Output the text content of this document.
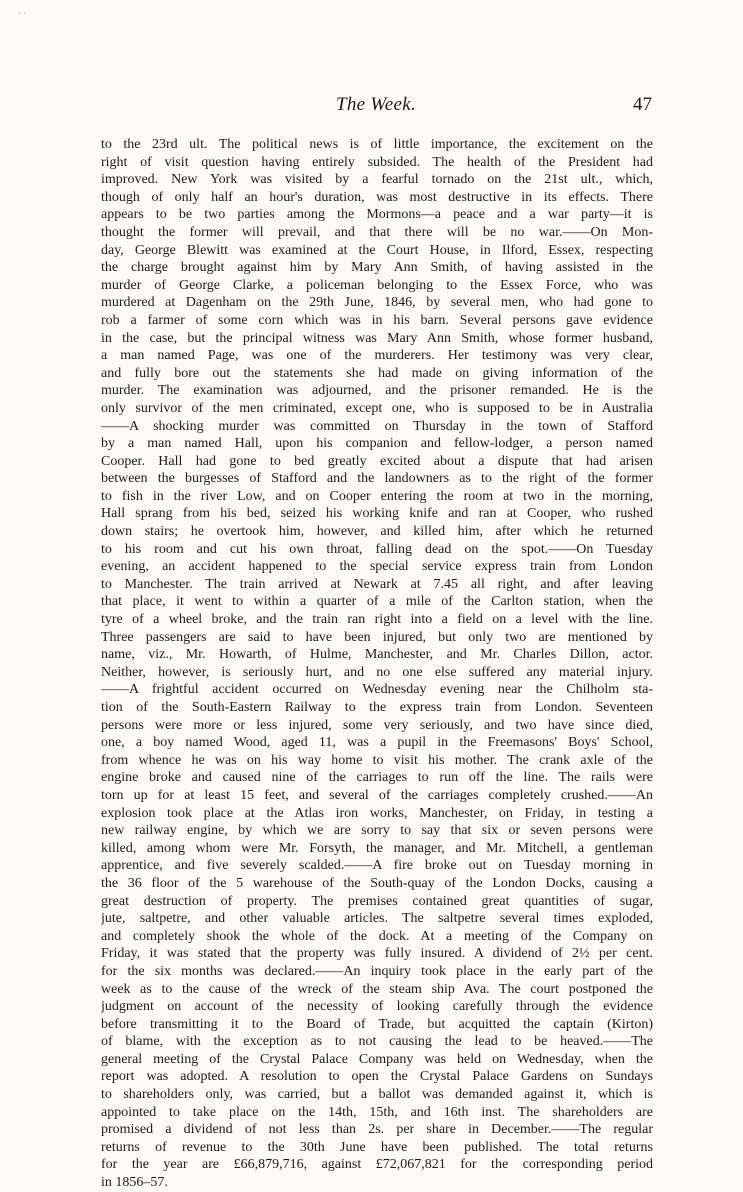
· ·
The Week.	47
to the 23rd ult. The political news is of little importance, the excitement on the
right of visit question having entirely subsided. The health of the President had
improved. New York was visited by a fearful tornado on the 21st ult., which,
though of only half an hour's duration, was most destructive in its effects. There
appears to be two parties among the Mormons—a peace and a war party—it is
thought the former will prevail, and that there will be no war.——On Mon-
day, George Blewitt was examined at the Court House, in Ilford, Essex, respecting
the charge brought against him by Mary Ann Smith, of having assisted in the
murder of George Clarke, a policeman belonging to the Essex Force, who was
murdered at Dagenham on the 29th June, 1846, by several men, who had gone to
rob a farmer of some corn which was in his barn. Several persons gave evidence
in the case, but the principal witness was Mary Ann Smith, whose former husband,
a man named Page, was one of the murderers. Her testimony was very clear,
and fully bore out the statements she had made on giving information of the
murder. The examination was adjourned, and the prisoner remanded. He is the
only survivor of the men criminated, except one, who is supposed to be in Australia
——A shocking murder was committed on Thursday in the town of Stafford
by a man named Hall, upon his companion and fellow-lodger, a person named
Cooper. Hall had gone to bed greatly excited about a dispute that had arisen
between the burgesses of Stafford and the landowners as to the right of the former
to fish in the river Low, and on Cooper entering the room at two in the morning,
Hall sprang from his bed, seized his working knife and ran at Cooper, who rushed
down stairs; he overtook him, however, and killed him, after which he returned
to his room and cut his own throat, falling dead on the spot.——On Tuesday
evening, an accident happened to the special service express train from London
to Manchester. The train arrived at Newark at 7.45 all right, and after leaving
that place, it went to within a quarter of a mile of the Carlton station, when the
tyre of a wheel broke, and the train ran right into a field on a level with the line.
Three passengers are said to have been injured, but only two are mentioned by
name, viz., Mr. Howarth, of Hulme, Manchester, and Mr. Charles Dillon, actor.
Neither, however, is seriously hurt, and no one else suffered any material injury.
——A frightful accident occurred on Wednesday evening near the Chilholm sta-
tion of the South-Eastern Railway to the express train from London. Seventeen
persons were more or less injured, some very seriously, and two have since died,
one, a boy named Wood, aged 11, was a pupil in the Freemasons' Boys' School,
from whence he was on his way home to visit his mother. The crank axle of the
engine broke and caused nine of the carriages to run off the line. The rails were
torn up for at least 15 feet, and several of the carriages completely crushed.——An
explosion took place at the Atlas iron works, Manchester, on Friday, in testing a
new railway engine, by which we are sorry to say that six or seven persons were
killed, among whom were Mr. Forsyth, the manager, and Mr. Mitchell, a gentleman
apprentice, and five severely scalded.——A fire broke out on Tuesday morning in
the 36 floor of the 5 warehouse of the South-quay of the London Docks, causing a
great destruction of property. The premises contained great quantities of sugar,
jute, saltpetre, and other valuable articles. The saltpetre several times exploded,
and completely shook the whole of the dock. At a meeting of the Company on
Friday, it was stated that the property was fully insured. A dividend of 2½ per cent.
for the six months was declared.——An inquiry took place in the early part of the
week as to the cause of the wreck of the steam ship Ava. The court postponed the
judgment on account of the necessity of looking carefully through the evidence
before transmitting it to the Board of Trade, but acquitted the captain (Kirton)
of blame, with the exception as to not causing the lead to be heaved.——The
general meeting of the Crystal Palace Company was held on Wednesday, when the
report was adopted. A resolution to open the Crystal Palace Gardens on Sundays
to shareholders only, was carried, but a ballot was demanded against it, which is
appointed to take place on the 14th, 15th, and 16th inst. The shareholders are
promised a dividend of not less than 2s. per share in December.——The regular
returns of revenue to the 30th June have been published. The total returns
for the year are £66,879,716, against £72,067,821 for the corresponding period
in 1856–57.
